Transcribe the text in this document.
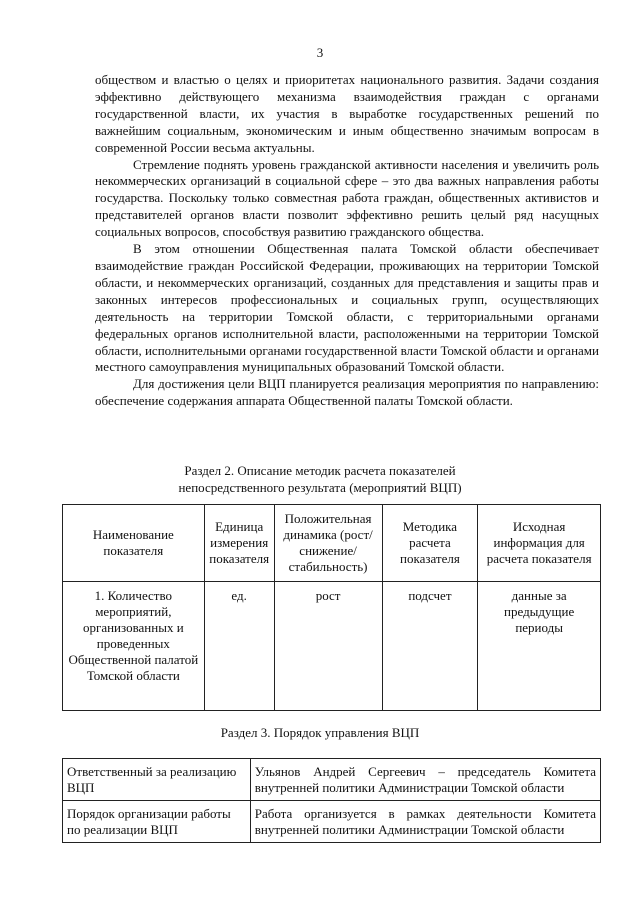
3

обществом и властью о целях и приоритетах национального развития. Задачи создания эффективно действующего механизма взаимодействия граждан с органами государственной власти, их участия в выработке государственных решений по важнейшим социальным, экономическим и иным общественно значимым вопросам в современной России весьма актуальны.

Стремление поднять уровень гражданской активности населения и увеличить роль некоммерческих организаций в социальной сфере – это два важных направления работы государства. Поскольку только совместная работа граждан, общественных активистов и представителей органов власти позволит эффективно решить целый ряд насущных социальных вопросов, способствуя развитию гражданского общества.

В этом отношении Общественная палата Томской области обеспечивает взаимодействие граждан Российской Федерации, проживающих на территории Томской области, и некоммерческих организаций, созданных для представления и защиты прав и законных интересов профессиональных и социальных групп, осуществляющих деятельность на территории Томской области, с территориальными органами федеральных органов исполнительной власти, расположенными на территории Томской области, исполнительными органами государственной власти Томской области и органами местного самоуправления муниципальных образований Томской области.

Для достижения цели ВЦП планируется реализация мероприятия по направлению: обеспечение содержания аппарата Общественной палаты Томской области.

Раздел 2. Описание методик расчета показателей
непосредственного результата (мероприятий ВЦП)
Наименование показателя	Единица измерения показателя	Положительная динамика (рост/снижение/ стабильность)	Методика расчета показателя	Исходная информация для расчета показателя
1. Количество мероприятий, организованных и проведенных Общественной палатой Томской области	ед.	рост	подсчет	данные за предыдущие периоды
Раздел 3. Порядок управления ВЦП
Ответственный за реализацию ВЦП	Ульянов Андрей Сергеевич – председатель Комитета внутренней политики Администрации Томской области
Порядок организации работы по реализации ВЦП	Работа организуется в рамках деятельности Комитета внутренней политики Администрации Томской области
